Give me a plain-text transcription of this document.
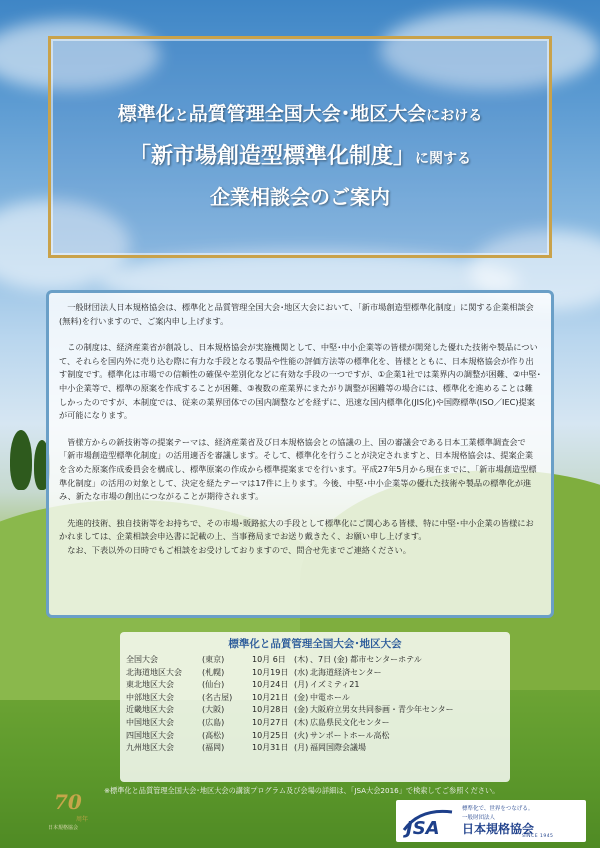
標準化と品質管理全国大会･地区大会における
「新市場創造型標準化制度」に関する
企業相談会のご案内

一般財団法人日本規格協会は、標準化と品質管理全国大会･地区大会において、「新市場創造型標準化制度」に関する企業相談会(無料)を行いますので、ご案内申し上げます。

この制度は、経済産業省が創設し、日本規格協会が実施機関として、中堅･中小企業等の皆様が開発した優れた技術や製品について、それらを国内外に売り込む際に有力な手段となる製品や性能の評価方法等の標準化を、皆様とともに、日本規格協会が作り出す制度です。標準化は市場での信頼性の確保や差別化などに有効な手段の一つですが、①企業1社では業界内の調整が困難、②中堅･中小企業等で、標準の原案を作成することが困難、③複数の産業界にまたがり調整が困難等の場合には、標準化を進めることは難しかったのですが、本制度では、従来の業界団体での国内調整などを経ずに、迅速な国内標準化(JIS化)や国際標準(ISO／IEC)提案が可能になります。

皆様方からの新技術等の提案テーマは、経済産業省及び日本規格協会との協議の上、国の審議会である日本工業標準調査会で「新市場創造型標準化制度」の活用適否を審議します。そして、標準化を行うことが決定されますと、日本規格協会は、提案企業を含めた原案作成委員会を構成し、標準原案の作成から標準提案までを行います。平成27年5月から現在までに、「新市場創造型標準化制度」の活用の対象として、決定を経たテーマは17件に上ります。今後、中堅･中小企業等の優れた技術や製品の標準化が進み、新たな市場の創出につながることが期待されます。

先進的技術、独自技術等をお持ちで、その市場･販路拡大の手段として標準化にご関心ある皆様、特に中堅･中小企業の皆様におかれましては、企業相談会申込書に記載の上、当事務局までお送り戴きたく、お願い申し上げます。

なお、下表以外の日時でもご相談をお受けしておりますので、問合せ先までご連絡ください。

標準化と品質管理全国大会･地区大会
全国大会	(東京)	10月 6日	(木) 、7日 (金) 都市センターホテル
北海道地区大会	(札幌)	10月19日 (水) 北海道経済センター
東北地区大会	(仙台)	10月24日 (月) イズミティ21
中部地区大会	(名古屋)	10月21日 (金) 中電ホール
近畿地区大会	(大阪)	10月28日 (金) 大阪府立男女共同参画・青少年センター
中国地区大会	(広島)	10月27日 (木) 広島県民文化センター
四国地区大会	(高松)	10月25日 (火) サンポートホール高松
九州地区大会	(福岡)	10月31日 (月) 福岡国際会議場
※標準化と品質管理全国大会･地区大会の講演プログラム及び会場の詳細は、「JSA大会2016」で検索してご参照ください。
70
周年
日本規格協会	JSA
標準化で、世界をつなげる。
一般財団法人
日本規格協会
SINCE 1945
